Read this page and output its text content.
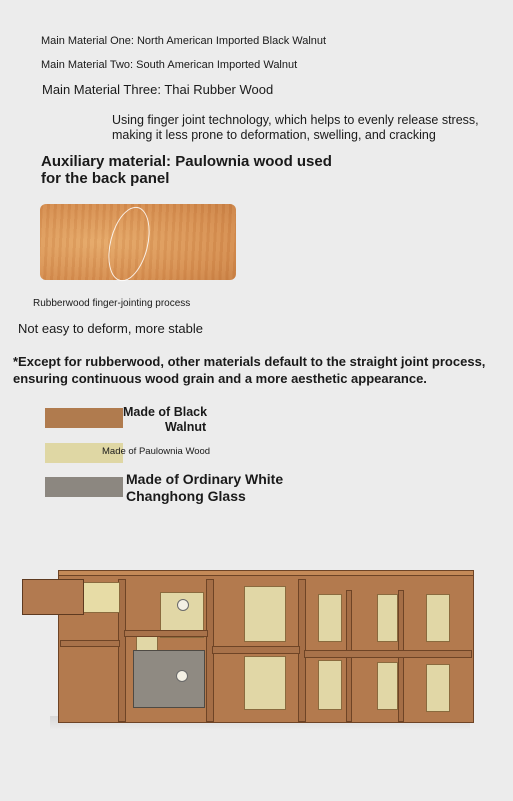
Main Material One: North American Imported Black Walnut
Main Material Two: South American Imported Walnut
Main Material Three: Thai Rubber Wood
Using finger joint technology, which helps to evenly release stress,
making it less prone to deformation, swelling, and cracking
Auxiliary material: Paulownia wood used
for the back panel
Rubberwood finger-jointing process
Not easy to deform, more stable
*Except for rubberwood, other materials default to the straight joint process,
ensuring continuous wood grain and a more aesthetic appearance.
Made of Black
Walnut
Made of Paulownia Wood
Made of Ordinary White
Changhong Glass
